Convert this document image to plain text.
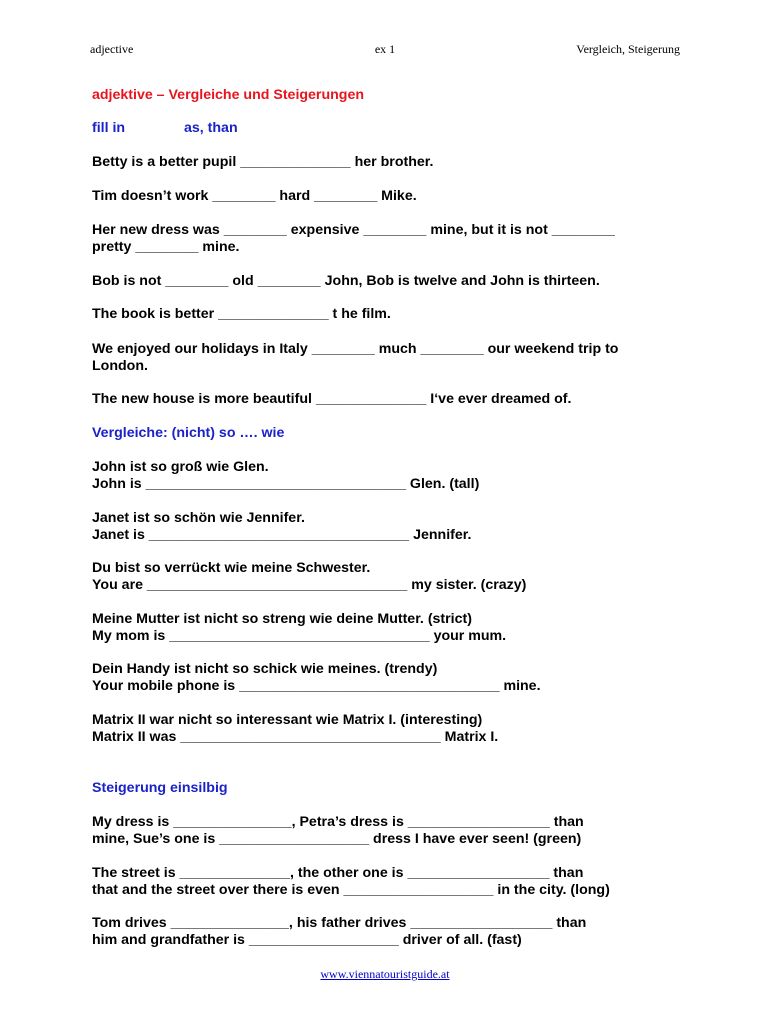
adjective	ex 1	Vergleich, Steigerung
adjektive – Vergleiche und Steigerungen
fill in	as, than
Betty is a better pupil ______________ her brother.
Tim doesn’t work ________ hard ________ Mike.
Her new dress was ________ expensive ________ mine, but it is not ________
pretty ________ mine.
Bob is not ________ old ________ John, Bob is twelve and John is thirteen.
The book is better ______________ t he film.
We enjoyed our holidays in Italy ________ much ________ our weekend trip to
London.
The new house is more beautiful ______________ I‘ve ever dreamed of.
Vergleiche: (nicht) so …. wie
John ist so groß wie Glen.
John is _________________________________ Glen. (tall)
Janet ist so schön wie Jennifer.
Janet is _________________________________ Jennifer.
Du bist so verrückt wie meine Schwester.
You are _________________________________ my sister. (crazy)
Meine Mutter ist nicht so streng wie deine Mutter. (strict)
My mom is _________________________________ your mum.
Dein Handy ist nicht so schick wie meines. (trendy)
Your mobile phone is _________________________________ mine.
Matrix II war nicht so interessant wie Matrix I. (interesting)
Matrix II was _________________________________ Matrix I.
Steigerung einsilbig
My dress is _______________, Petra’s dress is __________________ than
mine, Sue’s one is ___________________ dress I have ever seen! (green)
The street is ______________, the other one is __________________ than
that and the street over there is even ___________________ in the city. (long)
Tom drives _______________, his father drives __________________ than
him and grandfather is ___________________ driver of all. (fast)
www.viennatouristguide.at
